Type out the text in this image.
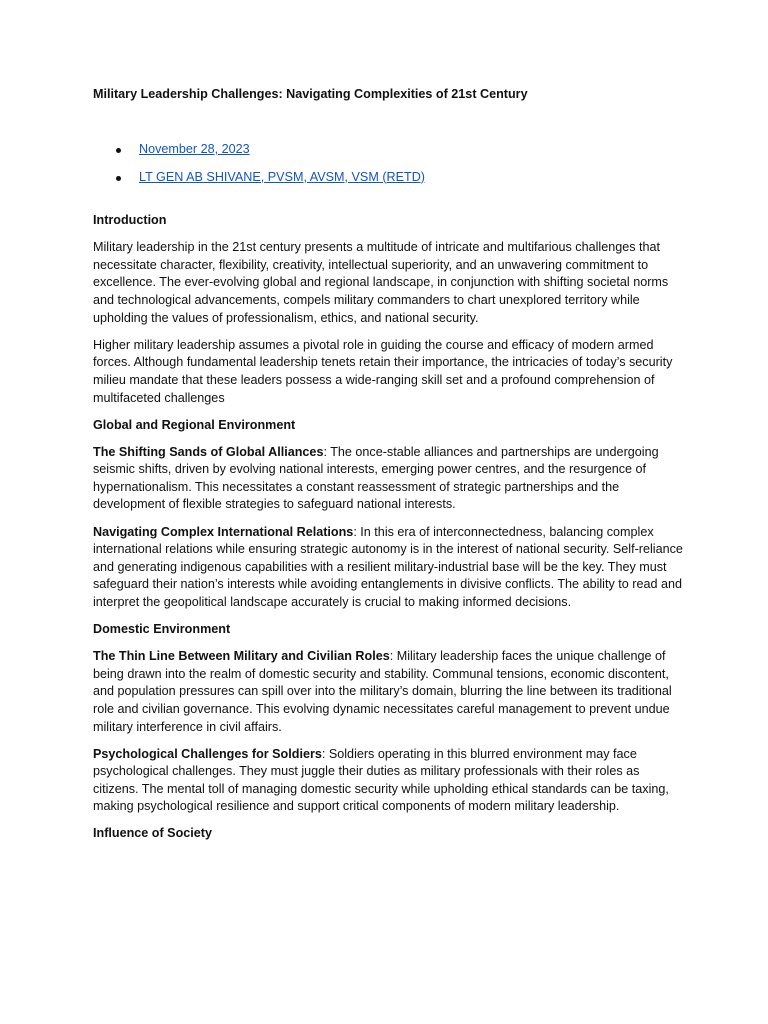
Military Leadership Challenges: Navigating Complexities of 21st Century

November 28, 2023
LT GEN AB SHIVANE, PVSM, AVSM, VSM (RETD)

Introduction

Military leadership in the 21st century presents a multitude of intricate and multifarious challenges that necessitate character, flexibility, creativity, intellectual superiority, and an unwavering commitment to excellence. The ever-evolving global and regional landscape, in conjunction with shifting societal norms and technological advancements, compels military commanders to chart unexplored territory while upholding the values of professionalism, ethics, and national security.

Higher military leadership assumes a pivotal role in guiding the course and efficacy of modern armed forces. Although fundamental leadership tenets retain their importance, the intricacies of today’s security milieu mandate that these leaders possess a wide-ranging skill set and a profound comprehension of multifaceted challenges

Global and Regional Environment

The Shifting Sands of Global Alliances: The once-stable alliances and partnerships are undergoing seismic shifts, driven by evolving national interests, emerging power centres, and the resurgence of hypernationalism. This necessitates a constant reassessment of strategic partnerships and the development of flexible strategies to safeguard national interests.

Navigating Complex International Relations: In this era of interconnectedness, balancing complex international relations while ensuring strategic autonomy is in the interest of national security. Self-reliance and generating indigenous capabilities with a resilient military-industrial base will be the key. They must safeguard their nation’s interests while avoiding entanglements in divisive conflicts. The ability to read and interpret the geopolitical landscape accurately is crucial to making informed decisions.

Domestic Environment

The Thin Line Between Military and Civilian Roles: Military leadership faces the unique challenge of being drawn into the realm of domestic security and stability. Communal tensions, economic discontent, and population pressures can spill over into the military’s domain, blurring the line between its traditional role and civilian governance. This evolving dynamic necessitates careful management to prevent undue military interference in civil affairs.

Psychological Challenges for Soldiers: Soldiers operating in this blurred environment may face psychological challenges. They must juggle their duties as military professionals with their roles as citizens. The mental toll of managing domestic security while upholding ethical standards can be taxing, making psychological resilience and support critical components of modern military leadership.

Influence of Society
